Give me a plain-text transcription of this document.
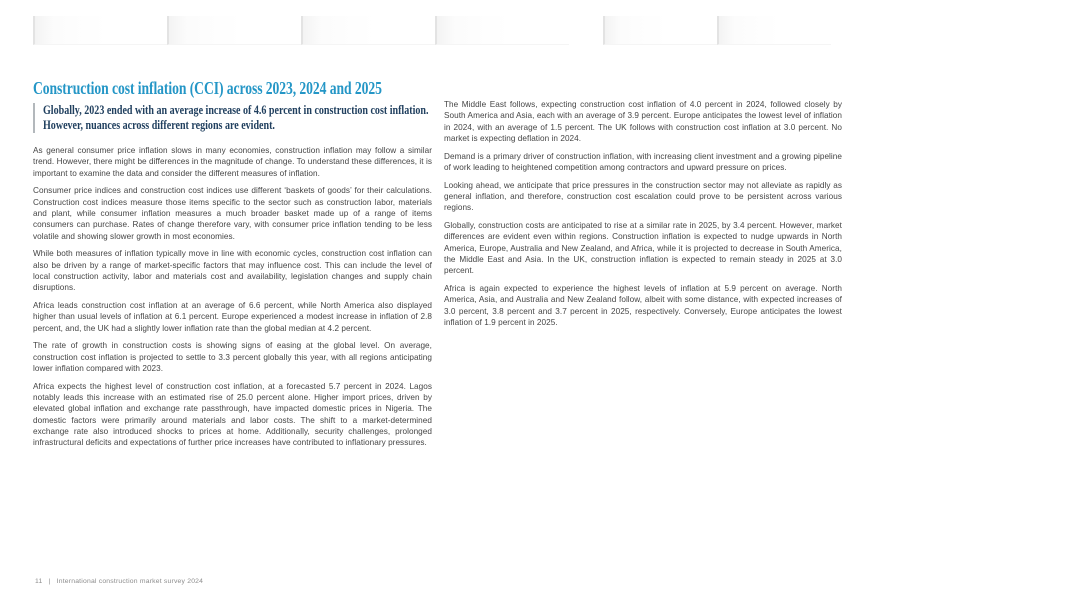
Construction cost inflation (CCI) across 2023, 2024 and 2025
Globally, 2023 ended with an average increase of 4.6 percent in construction cost inflation. However, nuances across different regions are evident.

As general consumer price inflation slows in many economies, construction inflation may follow a similar trend. However, there might be differences in the magnitude of change. To understand these differences, it is important to examine the data and consider the different measures of inflation.

Consumer price indices and construction cost indices use different ‘baskets of goods’ for their calculations. Construction cost indices measure those items specific to the sector such as construction labor, materials and plant, while consumer inflation measures a much broader basket made up of a range of items consumers can purchase. Rates of change therefore vary, with consumer price inflation tending to be less volatile and showing slower growth in most economies.

While both measures of inflation typically move in line with economic cycles, construction cost inflation can also be driven by a range of market-specific factors that may influence cost. This can include the level of local construction activity, labor and materials cost and availability, legislation changes and supply chain disruptions.

Africa leads construction cost inflation at an average of 6.6 percent, while North America also displayed higher than usual levels of inflation at 6.1 percent. Europe experienced a modest increase in inflation of 2.8 percent, and, the UK had a slightly lower inflation rate than the global median at 4.2 percent.

The rate of growth in construction costs is showing signs of easing at the global level. On average, construction cost inflation is projected to settle to 3.3 percent globally this year, with all regions anticipating lower inflation compared with 2023.

Africa expects the highest level of construction cost inflation, at a forecasted 5.7 percent in 2024. Lagos notably leads this increase with an estimated rise of 25.0 percent alone. Higher import prices, driven by elevated global inflation and exchange rate passthrough, have impacted domestic prices in Nigeria. The domestic factors were primarily around materials and labor costs. The shift to a market-determined exchange rate also introduced shocks to prices at home. Additionally, security challenges, prolonged infrastructural deficits and expectations of further price increases have contributed to inflationary pressures.

The Middle East follows, expecting construction cost inflation of 4.0 percent in 2024, followed closely by South America and Asia, each with an average of 3.9 percent. Europe anticipates the lowest level of inflation in 2024, with an average of 1.5 percent. The UK follows with construction cost inflation at 3.0 percent. No market is expecting deflation in 2024.

Demand is a primary driver of construction inflation, with increasing client investment and a growing pipeline of work leading to heightened competition among contractors and upward pressure on prices.

Looking ahead, we anticipate that price pressures in the construction sector may not alleviate as rapidly as general inflation, and therefore, construction cost escalation could prove to be persistent across various regions.

Globally, construction costs are anticipated to rise at a similar rate in 2025, by 3.4 percent. However, market differences are evident even within regions. Construction inflation is expected to nudge upwards in North America, Europe, Australia and New Zealand, and Africa, while it is projected to decrease in South America, the Middle East and Asia. In the UK, construction inflation is expected to remain steady in 2025 at 3.0 percent.

Africa is again expected to experience the highest levels of inflation at 5.9 percent on average. North America, Asia, and Australia and New Zealand follow, albeit with some distance, with expected increases of 3.0 percent, 3.8 percent and 3.7 percent in 2025, respectively. Conversely, Europe anticipates the lowest inflation of 1.9 percent in 2025.

11 | International construction market survey 2024
